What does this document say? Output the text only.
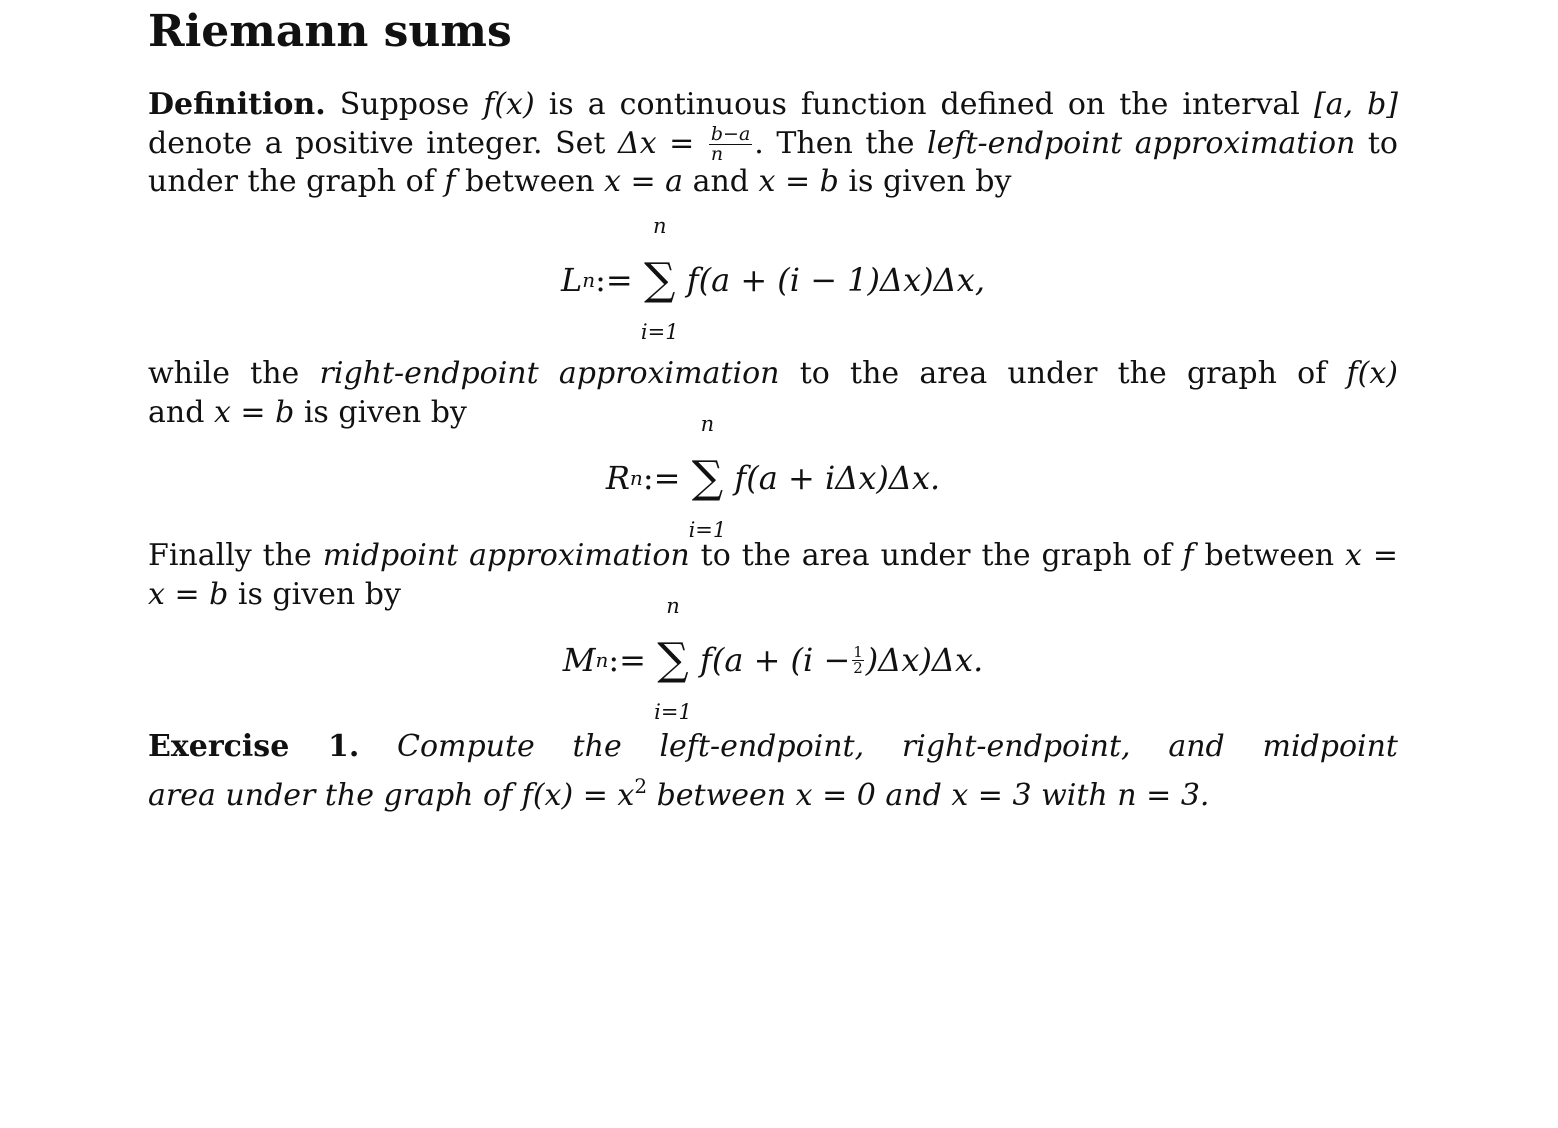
Riemann sums
Definition. Suppose f(x) is a continuous function defined on the interval [a, b]
denote a positive integer. Set $\Delta x = \frac{b-a}{n}$ . Then the left-endpoint approximation to
under the graph of f between x = a and x = b is given by
L n :=
n
∑
i=1
f(a + (i − 1)Δx)Δx,
while the right-endpoint approximation to the area under the graph of f(x)
and x = b is given by
R n :=
n
∑
i=1
f(a + iΔx)Δx.
Finally the midpoint approximation to the area under the graph of f between x =
x = b is given by
M n :=
n
∑
i=1
$f(a + (i - \frac{1}{2} )\Delta x)\Delta x$.
Exercise 1. Compute the left-endpoint, right-endpoint, and midpoint
area under the graph of $f(x) = x^2$ between x = 0 and x = 3 with n = 3.
